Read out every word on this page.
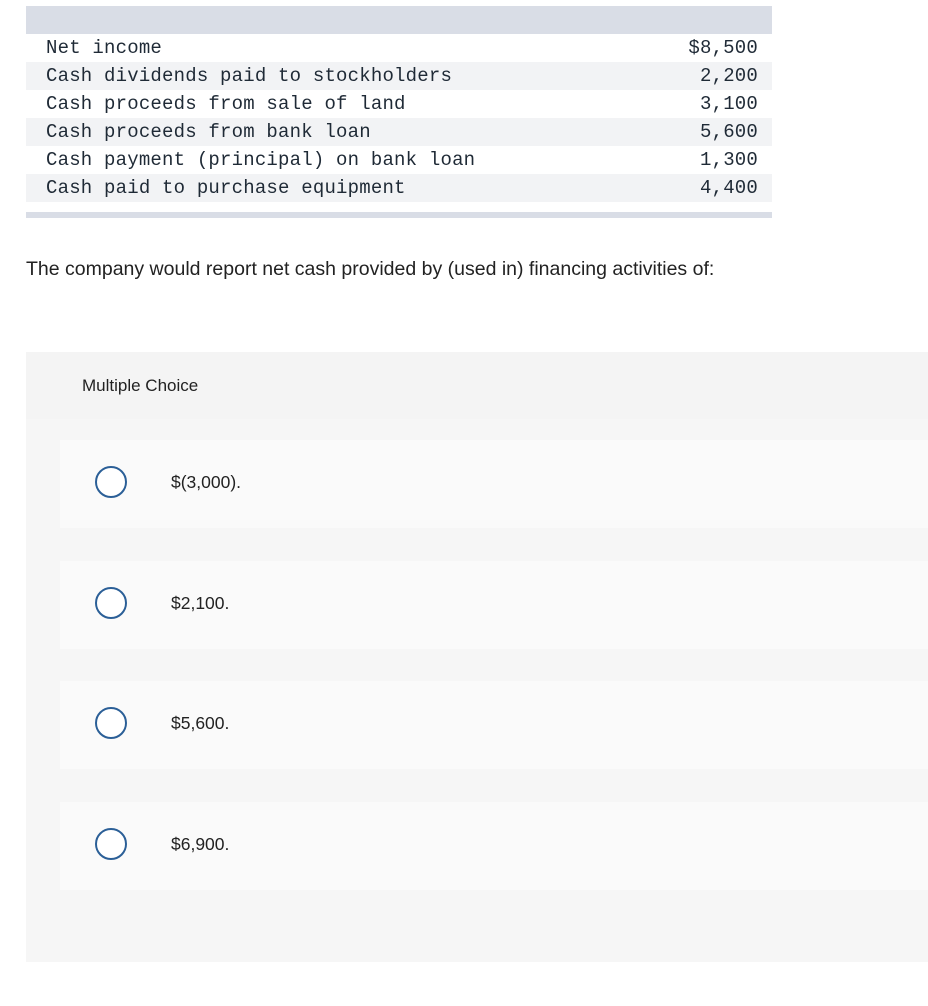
Net income	$8,500
Cash dividends paid to stockholders	2,200
Cash proceeds from sale of land	3,100
Cash proceeds from bank loan	5,600
Cash payment (principal) on bank loan	1,300
Cash paid to purchase equipment	4,400

The company would report net cash provided by (used in) financing activities of:

Multiple Choice
$(3,000).
$2,100.
$5,600.
$6,900.
